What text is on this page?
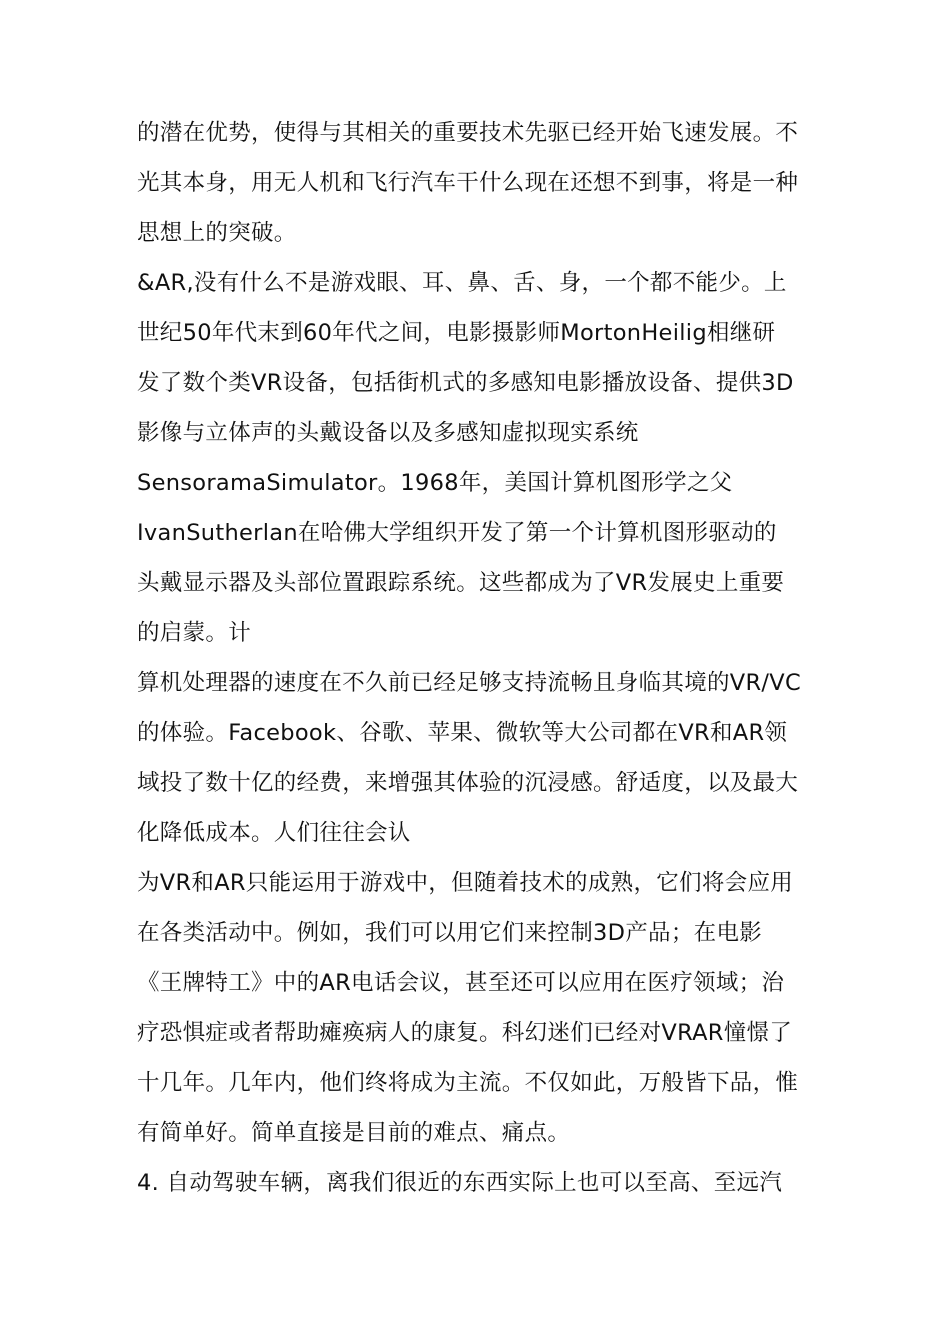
的潜在优势，使得与其相关的重要技术先驱已经开始飞速发展。不
光其本身，用无人机和飞行汽车干什么现在还想不到事，将是一种
思想上的突破。
&AR,没有什么不是游戏眼、耳、鼻、舌、身，一个都不能少。上
世纪50年代末到60年代之间，电影摄影师MortonHeilig相继研
发了数个类VR设备，包括街机式的多感知电影播放设备、提供3D
影像与立体声的头戴设备以及多感知虚拟现实系统
SensoramaSimulator。1968年，美国计算机图形学之父
IvanSutherlan在哈佛大学组织开发了第一个计算机图形驱动的
头戴显示器及头部位置跟踪系统。这些都成为了VR发展史上重要
的启蒙。计
算机处理器的速度在不久前已经足够支持流畅且身临其境的VR/VC
的体验。Facebook、谷歌、苹果、微软等大公司都在VR和AR领
域投了数十亿的经费，来增强其体验的沉浸感。舒适度，以及最大
化降低成本。人们往往会认
为VR和AR只能运用于游戏中，但随着技术的成熟，它们将会应用
在各类活动中。例如，我们可以用它们来控制3D产品；在电影
《王牌特工》中的AR电话会议，甚至还可以应用在医疗领域；治
疗恐惧症或者帮助瘫痪病人的康复。科幻迷们已经对VRAR憧憬了
十几年。几年内，他们终将成为主流。不仅如此，万般皆下品，惟
有简单好。简单直接是目前的难点、痛点。
4. 自动驾驶车辆，离我们很近的东西实际上也可以至高、至远汽
